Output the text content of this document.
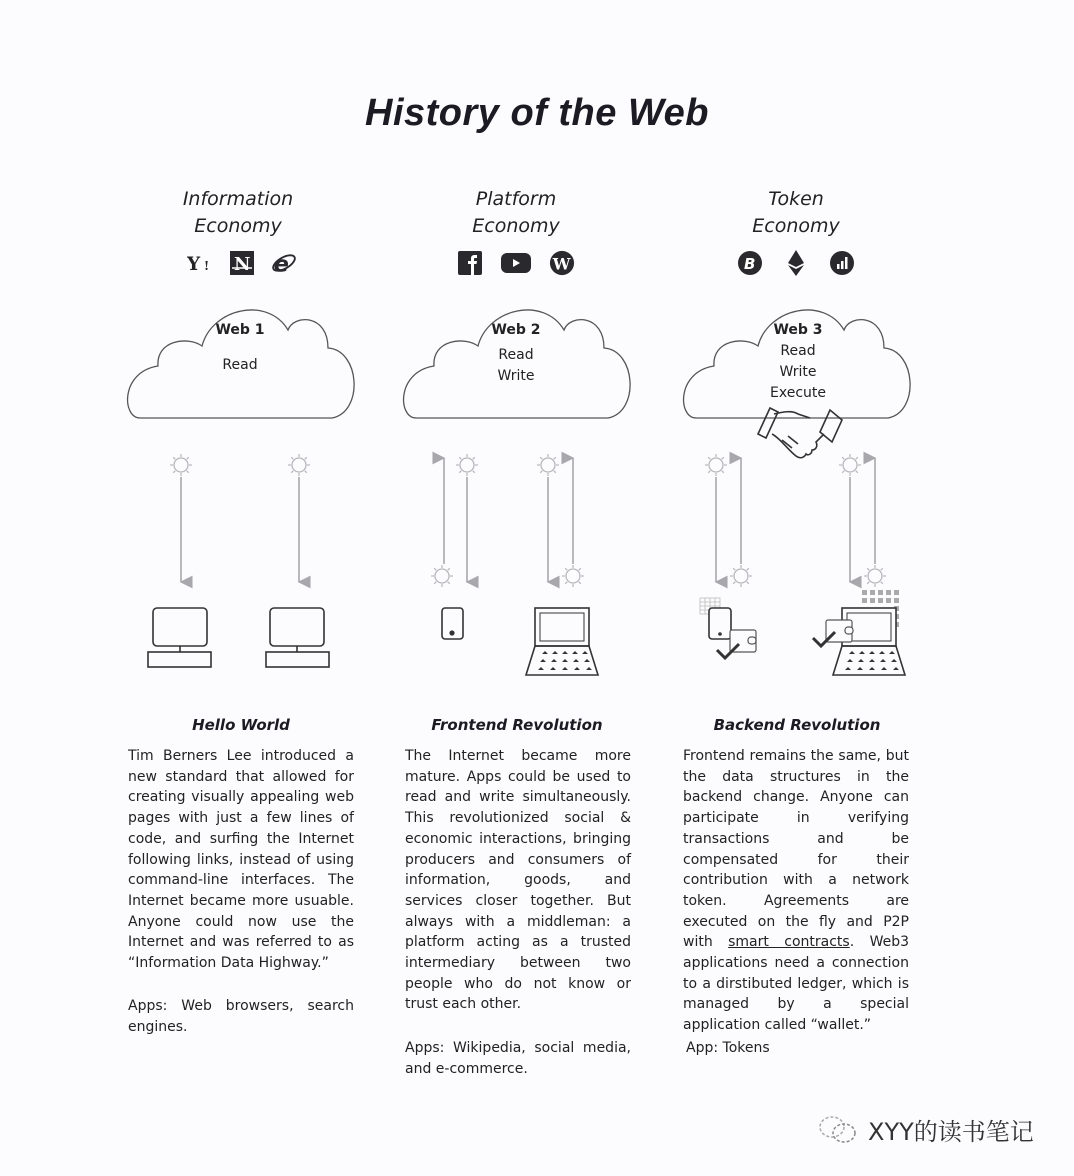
History of the Web
Information
Economy
Platform
Economy
Token
Economy
Y ! N e	W	B
Web 1
Read
Web 2
Read
Write
Web 3
Read
Write
Execute
Hello World	Frontend Revolution	Backend Revolution
Tim Berners Lee introduced a new standard that allowed for creating visually appealing web pages with just a few lines of code, and surfing the Internet following links, instead of using command-line interfaces. The Internet became more usuable. Anyone could now use the Internet and was referred to as “Information Data Highway.”
Apps: Web browsers, search engines.
The Internet became more mature. Apps could be used to read and write simultaneously. This revolutionized social & economic interactions, bringing producers and consumers of information, goods, and services closer together. But always with a middleman: a platform acting as a trusted intermediary between two people who do not know or trust each other.
Apps: Wikipedia, social media, and e-commerce.
Frontend remains the same, but the data structures in the backend change. Anyone can participate in verifying transactions and be compensated for their contribution with a network token. Agreements are executed on the fly and P2P with smart contracts. Web3 applications need a connection to a dirstibuted ledger, which is managed by a special application called “wallet.”
App: Tokens
XYY的读书笔记
